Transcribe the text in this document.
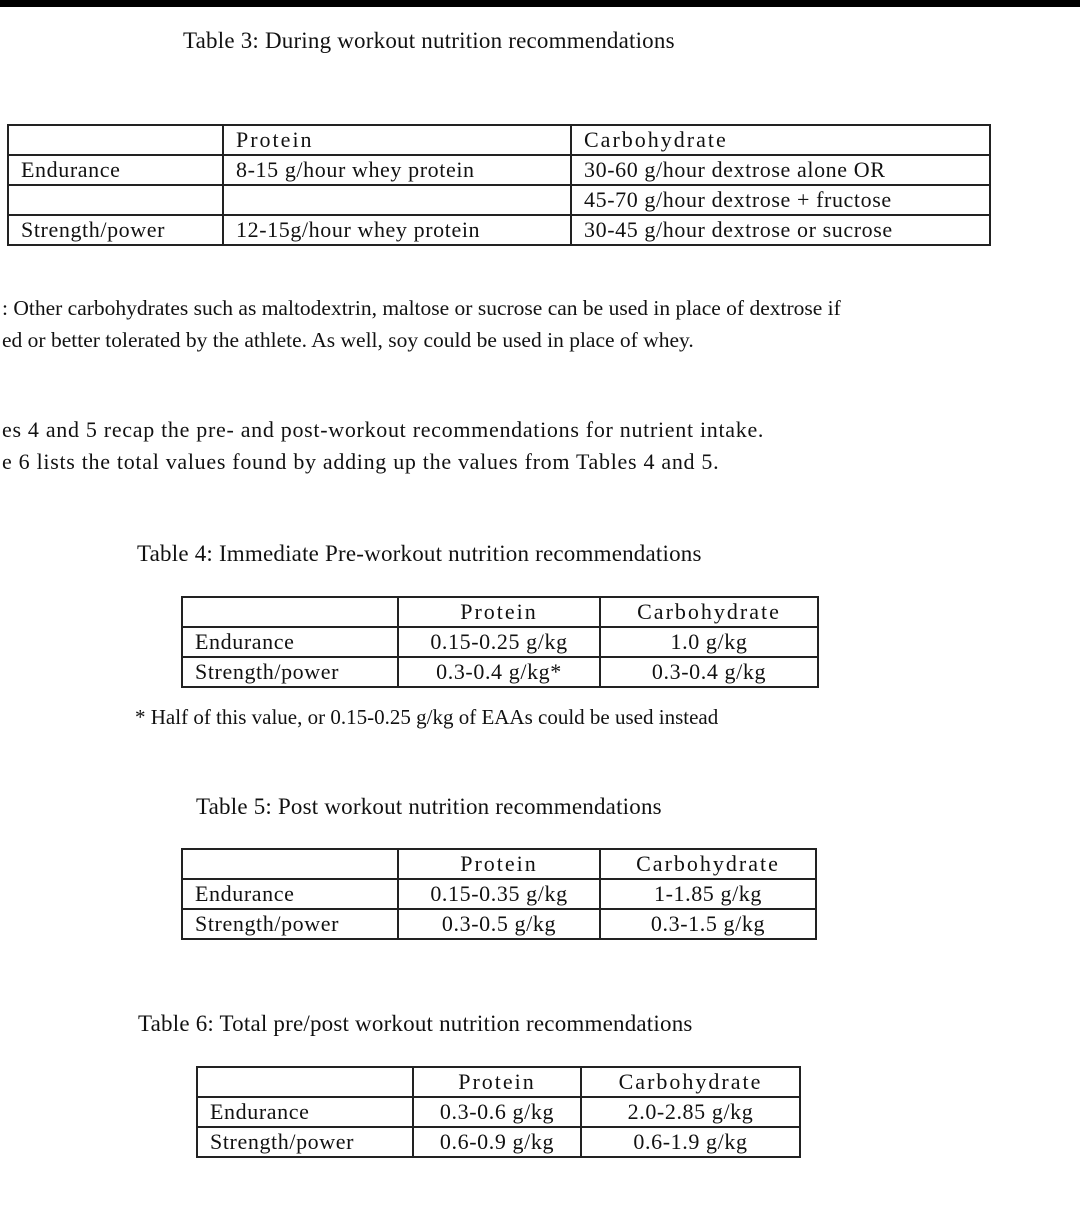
Table 3: During workout nutrition recommendations
	Protein	Carbohydrate
Endurance	8-15 g/hour whey protein	30-60 g/hour dextrose alone OR
		45-70 g/hour dextrose + fructose
Strength/power	12-15g/hour whey protein	30-45 g/hour dextrose or sucrose
: Other carbohydrates such as maltodextrin, maltose or sucrose can be used in place of dextrose if
ed or better tolerated by the athlete. As well, soy could be used in place of whey.
es 4 and 5 recap the pre- and post-workout recommendations for nutrient intake.
e 6 lists the total values found by adding up the values from Tables 4 and 5.
Table 4: Immediate Pre-workout nutrition recommendations
	Protein	Carbohydrate
Endurance	0.15-0.25 g/kg	1.0 g/kg
Strength/power	0.3-0.4 g/kg*	0.3-0.4 g/kg
* Half of this value, or 0.15-0.25 g/kg of EAAs could be used instead
Table 5: Post workout nutrition recommendations
	Protein	Carbohydrate
Endurance	0.15-0.35 g/kg	1-1.85 g/kg
Strength/power	0.3-0.5 g/kg	0.3-1.5 g/kg
Table 6: Total pre/post workout nutrition recommendations
	Protein	Carbohydrate
Endurance	0.3-0.6 g/kg	2.0-2.85 g/kg
Strength/power	0.6-0.9 g/kg	0.6-1.9 g/kg
